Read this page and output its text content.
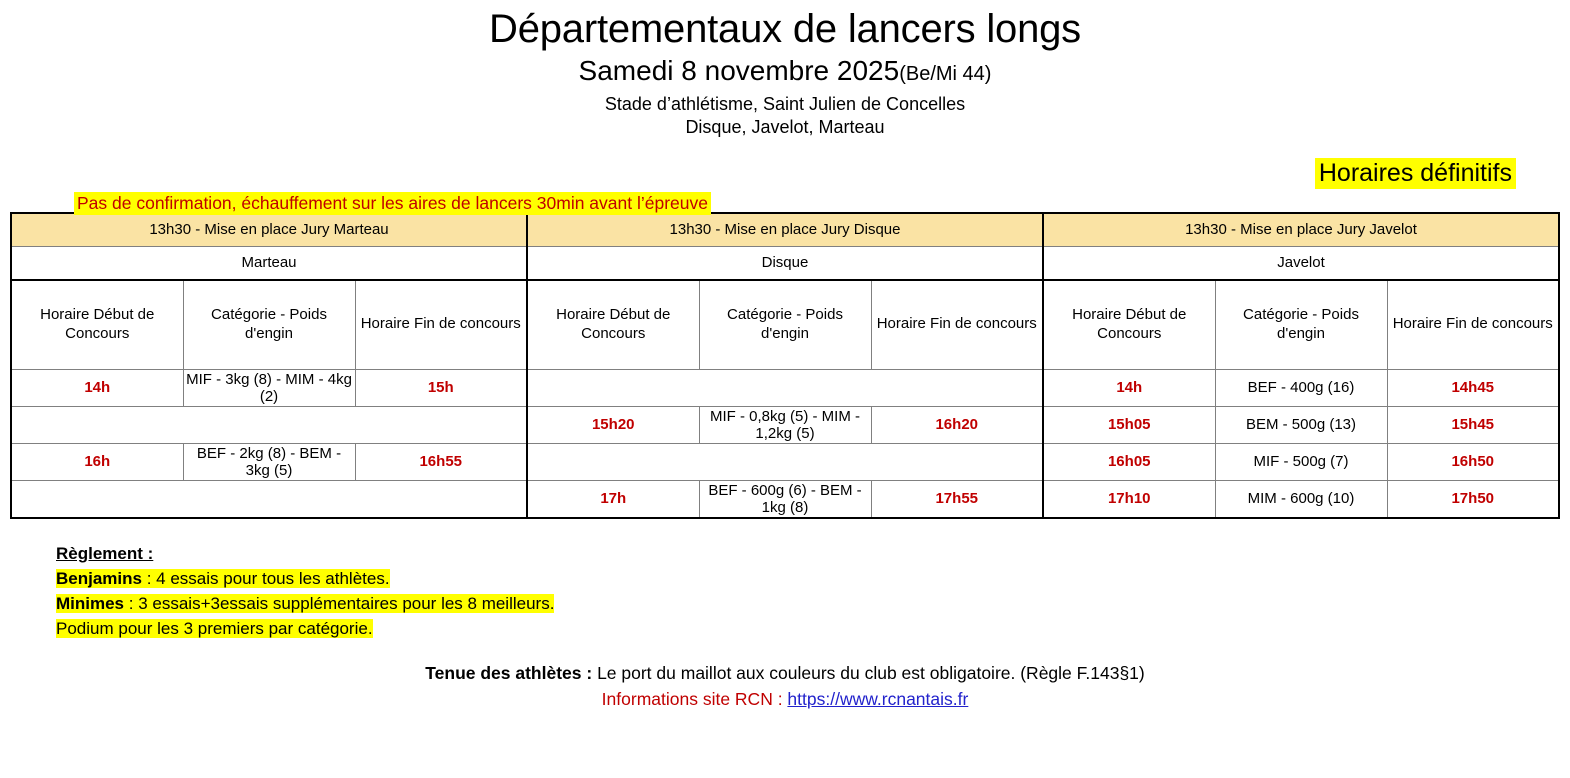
Départementaux de lancers longs
Samedi 8 novembre 2025(Be/Mi 44)
Stade d’athlétisme, Saint Julien de Concelles
Disque, Javelot, Marteau
Horaires définitifs
Pas de confirmation, échauffement sur les aires de lancers 30min avant l’épreuve
13h30 - Mise en place Jury Marteau			13h30 - Mise en place Jury Disque			13h30 - Mise en place Jury Javelot		
Marteau			Disque			Javelot		
Horaire Début de Concours	Catégorie - Poids d'engin	Horaire Fin de concours	Horaire Début de Concours	Catégorie - Poids d'engin	Horaire Fin de concours	Horaire Début de Concours	Catégorie - Poids d'engin	Horaire Fin de concours
14h	MIF - 3kg (8) - MIM - 4kg (2)	15h				14h	BEF - 400g (16)	14h45
			15h20	MIF - 0,8kg (5) - MIM - 1,2kg (5)	16h20	15h05	BEM - 500g (13)	15h45
16h	BEF - 2kg (8) - BEM - 3kg (5)	16h55				16h05	MIF - 500g (7)	16h50
			17h	BEF - 600g (6) - BEM - 1kg (8)	17h55	17h10	MIM - 600g (10)	17h50
Règlement :
Benjamins : 4 essais pour tous les athlètes.
Minimes : 3 essais+3essais supplémentaires pour les 8 meilleurs.
Podium pour les 3 premiers par catégorie.
Tenue des athlètes : Le port du maillot aux couleurs du club est obligatoire. (Règle F.143§1)
Informations site RCN : https://www.rcnantais.fr
